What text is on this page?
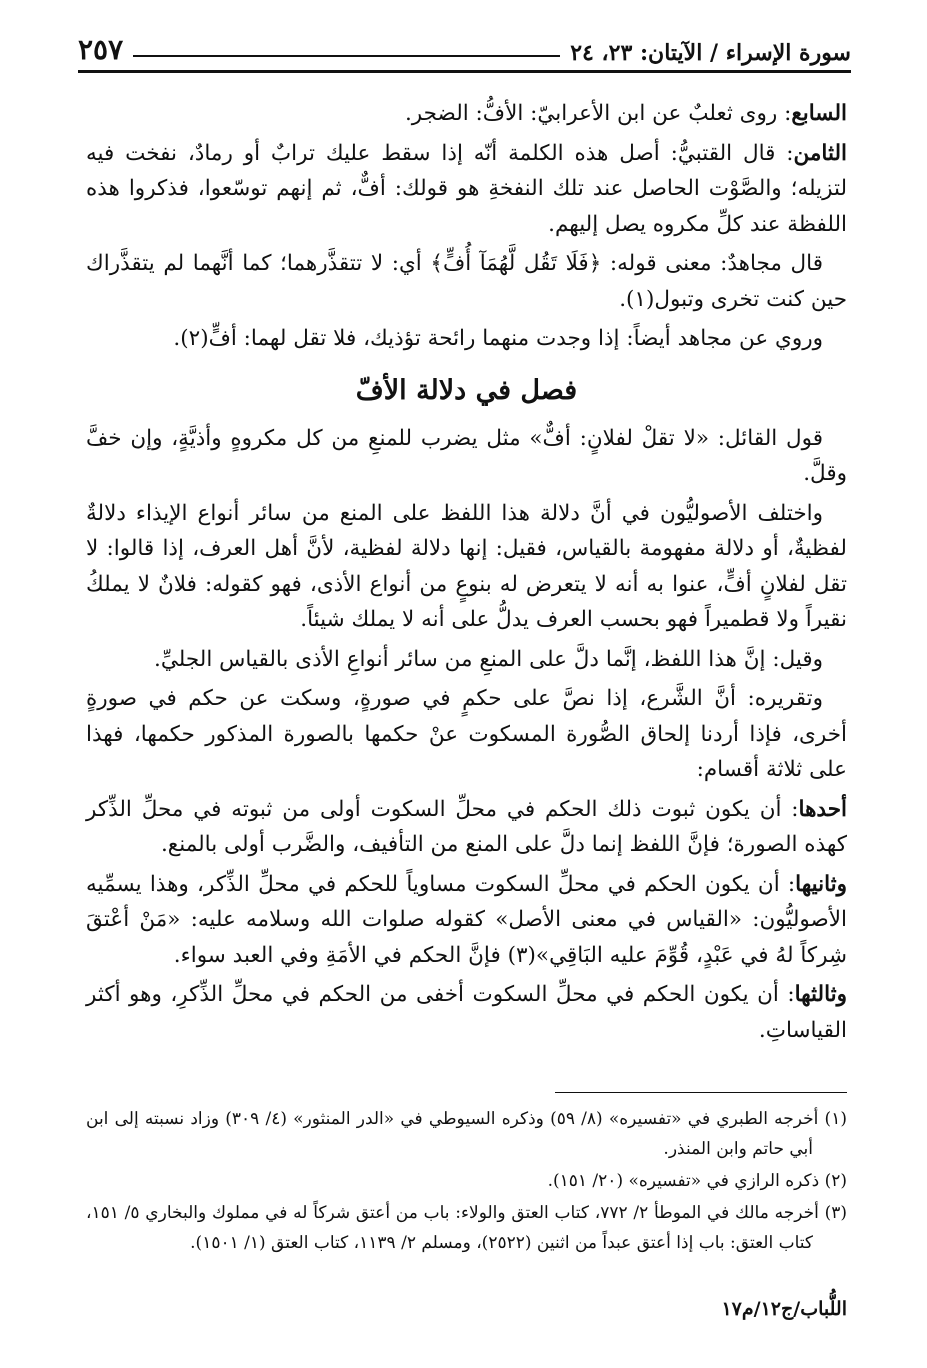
سورة الإسراء / الآيتان: ٢٣، ٢٤
٢٥٧

السابع: روى ثعلبٌ عن ابن الأعرابيّ: الأفُّ: الضجر.

الثامن: قال القتبيُّ: أصل هذه الكلمة أنّه إذا سقط عليك ترابٌ أو رمادٌ، نفخت فيه لتزيله؛ والصَّوْت الحاصل عند تلك النفخةِ هو قولك: أفٌّ، ثم إنهم توسّعوا، فذكروا هذه اللفظة عند كلِّ مكروه يصل إليهم.

قال مجاهدٌ: معنى قوله: ﴿فَلَا تَقُل لَّهُمَآ أُفٍّ﴾ أي: لا تتقذَّرهما؛ كما أنَّهما لم يتقذَّراك حين كنت تخرى وتبول(١).

وروي عن مجاهد أيضاً: إذا وجدت منهما رائحة تؤذيك، فلا تقل لهما: أفٍّ(٢).

فصل في دلالة الأفّ

قول القائل: «لا تقلْ لفلانٍ: أفٌّ» مثل يضرب للمنعِ من كل مكروهٍ وأذيَّةٍ، وإن خفَّ وقلَّ.

واختلف الأصوليُّون في أنَّ دلالة هذا اللفظ على المنع من سائر أنواع الإيذاء دلالةٌ لفظيةٌ، أو دلالة مفهومة بالقياس، فقيل: إنها دلالة لفظية، لأنَّ أهل العرف، إذا قالوا: لا تقل لفلانٍ أفٍّ، عنوا به أنه لا يتعرض له بنوعٍ من أنواع الأذى، فهو كقوله: فلانٌ لا يملكُ نقيراً ولا قطميراً فهو بحسب العرف يدلُّ على أنه لا يملك شيئاً.

وقيل: إنَّ هذا اللفظ، إنَّما دلَّ على المنعِ من سائر أنواعِ الأذى بالقياس الجليِّ.

وتقريره: أنَّ الشَّرع، إذا نصَّ على حكمٍ في صورةٍ، وسكت عن حكم في صورةٍ أخرى، فإذا أردنا إلحاق الصُّورة المسكوت عنْ حكمها بالصورة المذكور حكمها، فهذا على ثلاثة أقسام:

أحدها: أن يكون ثبوت ذلك الحكم في محلِّ السكوت أولى من ثبوته في محلِّ الذِّكر كهذه الصورة؛ فإنَّ اللفظ إنما دلَّ على المنع من التأفيف، والضَّرب أولى بالمنع.

وثانيها: أن يكون الحكم في محلِّ السكوت مساوياً للحكم في محلِّ الذِّكر، وهذا يسمِّيه الأصوليُّون: «القياس في معنى الأصل» كقوله صلوات الله وسلامه عليه: «مَنْ أعْتقَ شِركاً لهُ في عَبْدٍ، قُوِّمَ عليه البَاقِي»(٣) فإنَّ الحكم في الأمَةِ وفي العبد سواء.

وثالثها: أن يكون الحكم في محلِّ السكوت أخفى من الحكم في محلِّ الذِّكرِ، وهو أكثر القياساتِ.

(١) أخرجه الطبري في «تفسيره» (٨/ ٥٩) وذكره السيوطي في «الدر المنثور» (٤/ ٣٠٩) وزاد نسبته إلى ابن أبي حاتم وابن المنذر.

(٢) ذكره الرازي في «تفسيره» (٢٠/ ١٥١).

(٣) أخرجه مالك في الموطأ ٢/ ٧٧٢، كتاب العتق والولاء: باب من أعتق شركاً له في مملوك والبخاري ٥/ ١٥١، كتاب العتق: باب إذا أعتق عبداً من اثنين (٢٥٢٢)، ومسلم ٢/ ١١٣٩، كتاب العتق (١/ ١٥٠١).

اللُّباب/ج١٢/م١٧
